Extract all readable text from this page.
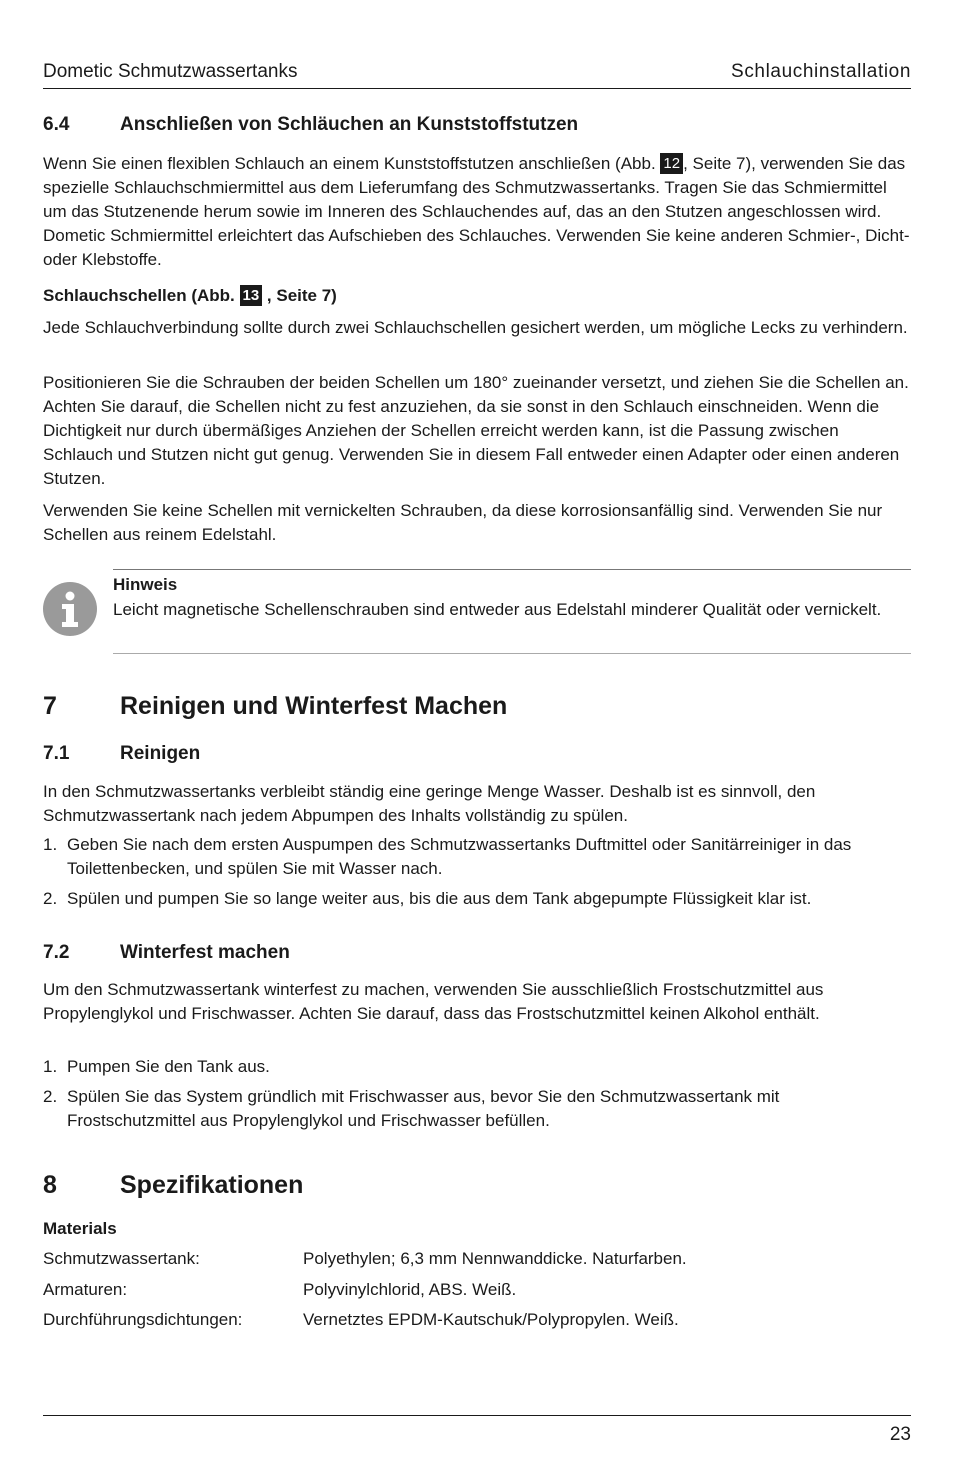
Dometic Schmutzwassertanks	Schlauchinstallation
6.4	Anschließen von Schläuchen an Kunststoffstutzen

Wenn Sie einen flexiblen Schlauch an einem Kunststoffstutzen anschließen (Abb. 12 , Seite 7), verwenden Sie das spezielle Schlauchschmiermittel aus dem Lieferumfang des Schmutzwassertanks. Tragen Sie das Schmiermittel um das Stutzenende herum sowie im Inneren des Schlauchendes auf, das an den Stutzen angeschlossen wird. Dometic Schmiermittel erleichtert das Aufschieben des Schlauches. Verwenden Sie keine anderen Schmier-, Dicht- oder Klebstoffe.

Schlauchschellen (Abb. 13 , Seite 7)

Jede Schlauchverbindung sollte durch zwei Schlauchschellen gesichert werden, um mögliche Lecks zu verhindern.

Positionieren Sie die Schrauben der beiden Schellen um 180° zueinander versetzt, und ziehen Sie die Schellen an. Achten Sie darauf, die Schellen nicht zu fest anzuziehen, da sie sonst in den Schlauch einschneiden. Wenn die Dichtigkeit nur durch übermäßiges Anziehen der Schellen erreicht werden kann, ist die Passung zwischen Schlauch und Stutzen nicht gut genug. Verwenden Sie in diesem Fall entweder einen Adapter oder einen anderen Stutzen.

Verwenden Sie keine Schellen mit vernickelten Schrauben, da diese korrosionsanfällig sind. Verwenden Sie nur Schellen aus reinem Edelstahl.

Hinweis
Leicht magnetische Schellenschrauben sind entweder aus Edelstahl minderer Qualität oder vernickelt.
7	Reinigen und Winterfest Machen
7.1	Reinigen

In den Schmutzwassertanks verbleibt ständig eine geringe Menge Wasser. Deshalb ist es sinnvoll, den Schmutzwassertank nach jedem Abpumpen des Inhalts vollständig zu spülen.

1. Geben Sie nach dem ersten Auspumpen des Schmutzwassertanks Duftmittel oder Sanitärreiniger in das Toilettenbecken, und spülen Sie mit Wasser nach.
2. Spülen und pumpen Sie so lange weiter aus, bis die aus dem Tank abgepumpte Flüssigkeit klar ist.
7.2	Winterfest machen

Um den Schmutzwassertank winterfest zu machen, verwenden Sie ausschließlich Frostschutzmittel aus Propylenglykol und Frischwasser. Achten Sie darauf, dass das Frostschutzmittel keinen Alkohol enthält.

1. Pumpen Sie den Tank aus.
2. Spülen Sie das System gründlich mit Frischwasser aus, bevor Sie den Schmutzwassertank mit Frostschutzmittel aus Propylenglykol und Frischwasser befüllen.
8	Spezifikationen

Materials

Schmutzwassertank:	Polyethylen; 6,3 mm Nennwanddicke. Naturfarben.
Armaturen:	Polyvinylchlorid, ABS. Weiß.
Durchführungsdichtungen:	Vernetztes EPDM-Kautschuk/Polypropylen. Weiß.
23
